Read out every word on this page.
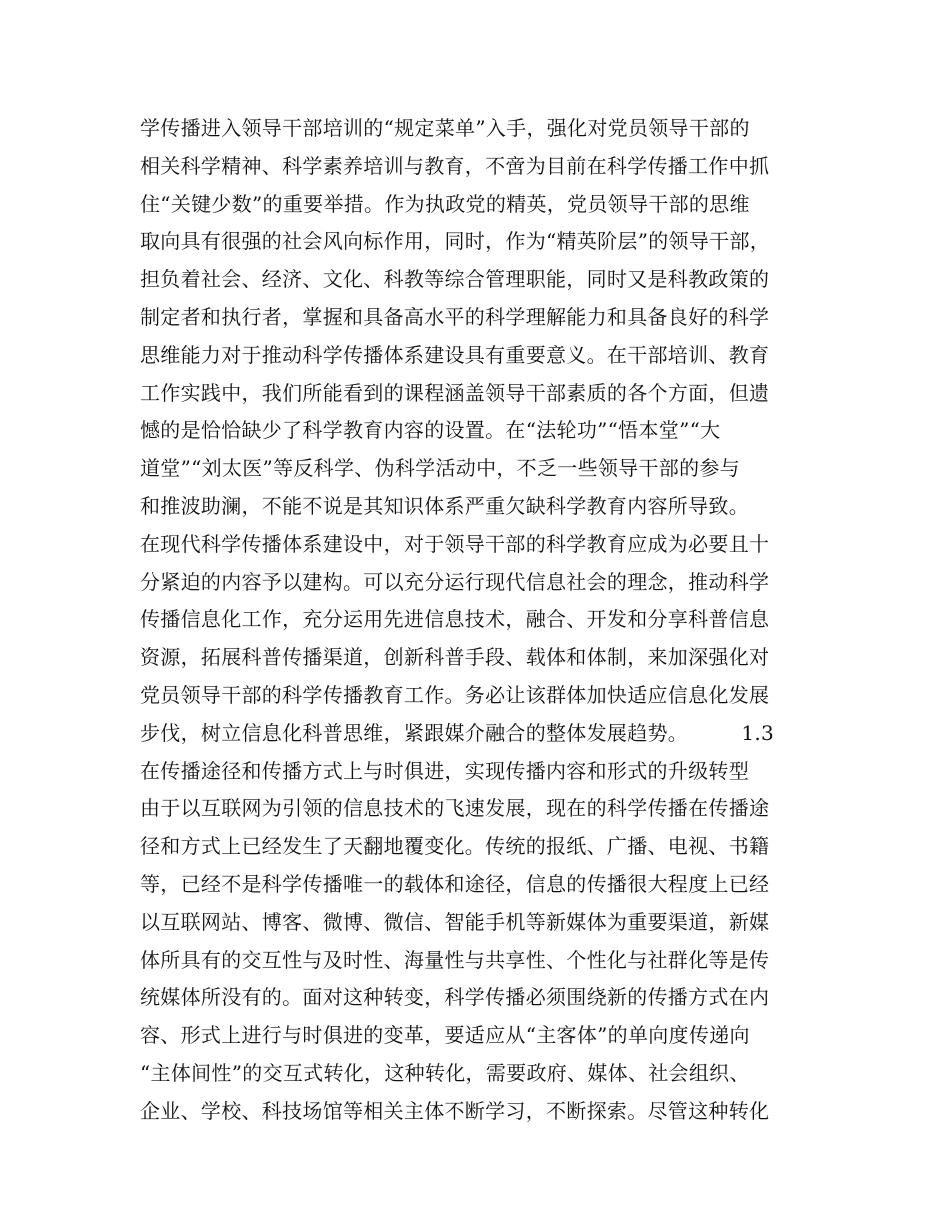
学传播进入领导干部培训的“规定菜单”入手，强化对党员领导干部的
相关科学精神、科学素养培训与教育，不啻为目前在科学传播工作中抓
住“关键少数”的重要举措。作为执政党的精英，党员领导干部的思维
取向具有很强的社会风向标作用，同时，作为“精英阶层”的领导干部，
担负着社会、经济、文化、科教等综合管理职能，同时又是科教政策的
制定者和执行者，掌握和具备高水平的科学理解能力和具备良好的科学
思维能力对于推动科学传播体系建设具有重要意义。在干部培训、教育
工作实践中，我们所能看到的课程涵盖领导干部素质的各个方面，但遗
憾的是恰恰缺少了科学教育内容的设置。在“法轮功”“悟本堂”“大
道堂”“刘太医”等反科学、伪科学活动中，不乏一些领导干部的参与
和推波助澜，不能不说是其知识体系严重欠缺科学教育内容所导致。
在现代科学传播体系建设中，对于领导干部的科学教育应成为必要且十
分紧迫的内容予以建构。可以充分运行现代信息社会的理念，推动科学
传播信息化工作，充分运用先进信息技术，融合、开发和分享科普信息
资源，拓展科普传播渠道，创新科普手段、载体和体制，来加深强化对
党员领导干部的科学传播教育工作。务必让该群体加快适应信息化发展
步伐，树立信息化科普思维，紧跟媒介融合的整体发展趋势。        1.3
在传播途径和传播方式上与时俱进，实现传播内容和形式的升级转型
由于以互联网为引领的信息技术的飞速发展，现在的科学传播在传播途
径和方式上已经发生了天翻地覆变化。传统的报纸、广播、电视、书籍
等，已经不是科学传播唯一的载体和途径，信息的传播很大程度上已经
以互联网站、博客、微博、微信、智能手机等新媒体为重要渠道，新媒
体所具有的交互性与及时性、海量性与共享性、个性化与社群化等是传
统媒体所没有的。面对这种转变，科学传播必须围绕新的传播方式在内
容、形式上进行与时俱进的变革，要适应从“主客体”的单向度传递向
“主体间性”的交互式转化，这种转化，需要政府、媒体、社会组织、
企业、学校、科技场馆等相关主体不断学习，不断探索。尽管这种转化
